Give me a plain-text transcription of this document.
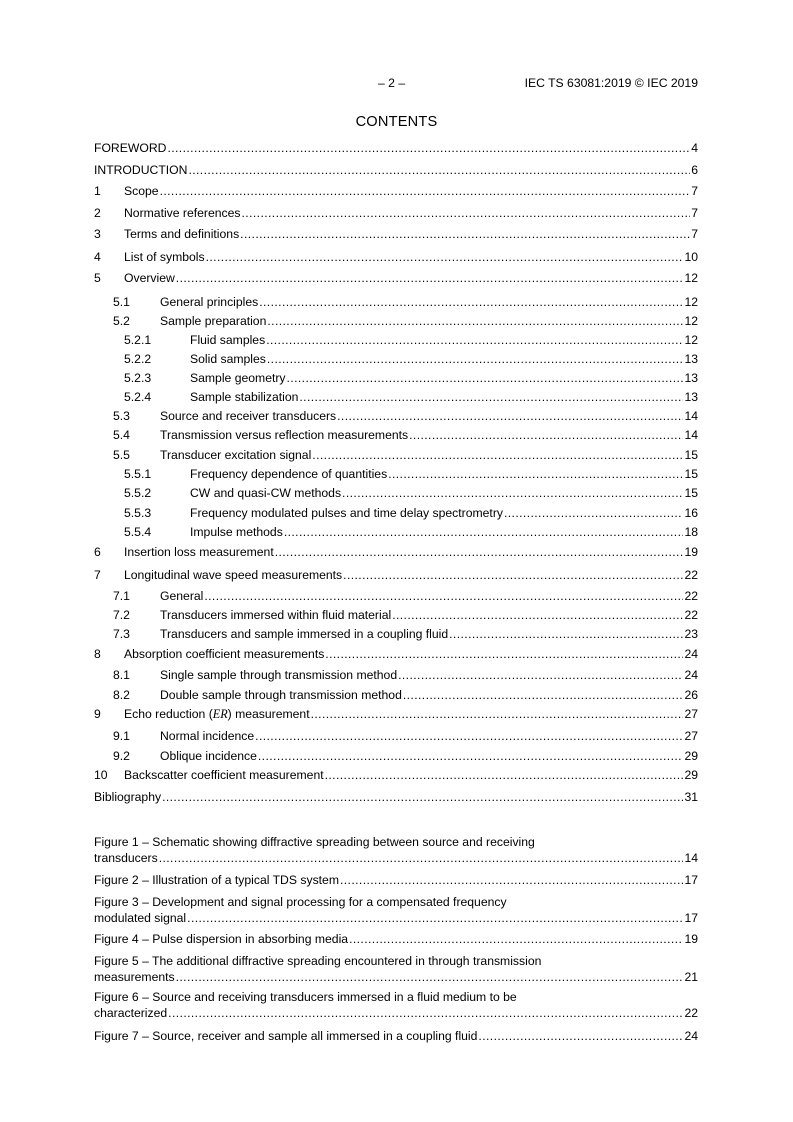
– 2 –	IEC TS 63081:2019 © IEC 2019
CONTENTS
FOREWORD .....	4
INTRODUCTION .....	6
1 Scope .....	7
2 Normative references .....	7
3 Terms and definitions .....	7
4 List of symbols .....	10
5 Overview .....	12
5.1 General principles .....	12
5.2 Sample preparation .....	12
5.2.1	Fluid samples .....	12
5.2.2	Solid samples .....	13
5.2.3	Sample geometry .....	13
5.2.4	Sample stabilization .....	13
5.3 Source and receiver transducers .....	14
5.4 Transmission versus reflection measurements .....	14
5.5 Transducer excitation signal .....	15
5.5.1	Frequency dependence of quantities .....	15
5.5.2	CW and quasi-CW methods .....	15
5.5.3	Frequency modulated pulses and time delay spectrometry .....	16
5.5.4	Impulse methods .....	18
6 Insertion loss measurement .....	19
7 Longitudinal wave speed measurements .....	22
7.1 General .....	22
7.2 Transducers immersed within fluid material .....	22
7.3 Transducers and sample immersed in a coupling fluid .....	23
8 Absorption coefficient measurements .....	24
8.1 Single sample through transmission method .....	24
8.2 Double sample through transmission method .....	26
9 Echo reduction (ER) measurement .....	27
9.1 Normal incidence .....	27
9.2 Oblique incidence .....	29
10 Backscatter coefficient measurement .....	29
Bibliography .....	31
Figure 1 – Schematic showing diffractive spreading between source and receiving
transducers .....	14
Figure 2 – Illustration of a typical TDS system .....	17
Figure 3 – Development and signal processing for a compensated frequency
modulated signal .....	17
Figure 4 – Pulse dispersion in absorbing media .....	19
Figure 5 – The additional diffractive spreading encountered in through transmission
measurements .....	21
Figure 6 – Source and receiving transducers immersed in a fluid medium to be
characterized .....	22
Figure 7 – Source, receiver and sample all immersed in a coupling fluid .....	24
